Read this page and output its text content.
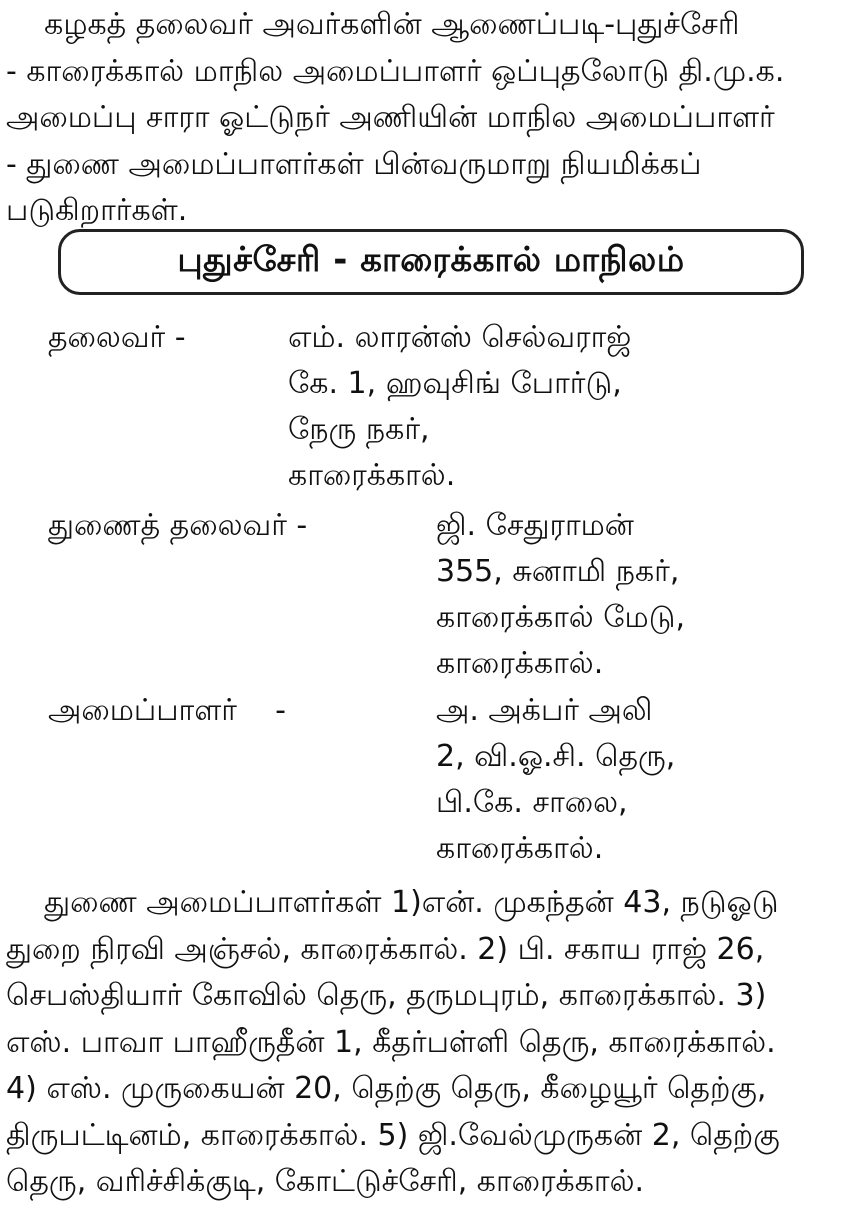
கழகத் தலைவர் அவர்களின் ஆணைப்படி-புதுச்சேரி
- காரைக்கால் மாநில அமைப்பாளர் ஒப்புதலோடு தி.மு.க.
அமைப்பு சாரா ஓட்டுநர் அணியின் மாநில அமைப்பாளர்
- துணை அமைப்பாளர்கள் பின்வருமாறு நியமிக்கப்
படுகிறார்கள்.
புதுச்சேரி - காரைக்கால் மாநிலம்
தலைவர் -	எம். லாரன்ஸ் செல்வராஜ்
கே. 1, ஹவுசிங் போர்டு,
நேரு நகர்,
காரைக்கால்.
துணைத் தலைவர் -	ஜி. சேதுராமன்
355, சுனாமி நகர்,
காரைக்கால் மேடு,
காரைக்கால்.
அமைப்பாளர்    -	அ. அக்பர் அலி
2, வி.ஓ.சி. தெரு,
பி.கே. சாலை,
காரைக்கால்.
துணை அமைப்பாளர்கள் 1)என். முகந்தன் 43, நடுஓடு
துறை நிரவி அஞ்சல், காரைக்கால். 2) பி. சகாய ராஜ் 26,
செபஸ்தியார் கோவில் தெரு, தருமபுரம், காரைக்கால். 3)
எஸ். பாவா பாஹீருதீன் 1, கீதர்பள்ளி தெரு, காரைக்கால்.
4) எஸ். முருகையன் 20, தெற்கு தெரு, கீழையூர் தெற்கு,
திருபட்டினம், காரைக்கால். 5) ஜி.வேல்முருகன் 2, தெற்கு
தெரு, வரிச்சிக்குடி, கோட்டுச்சேரி, காரைக்கால்.
